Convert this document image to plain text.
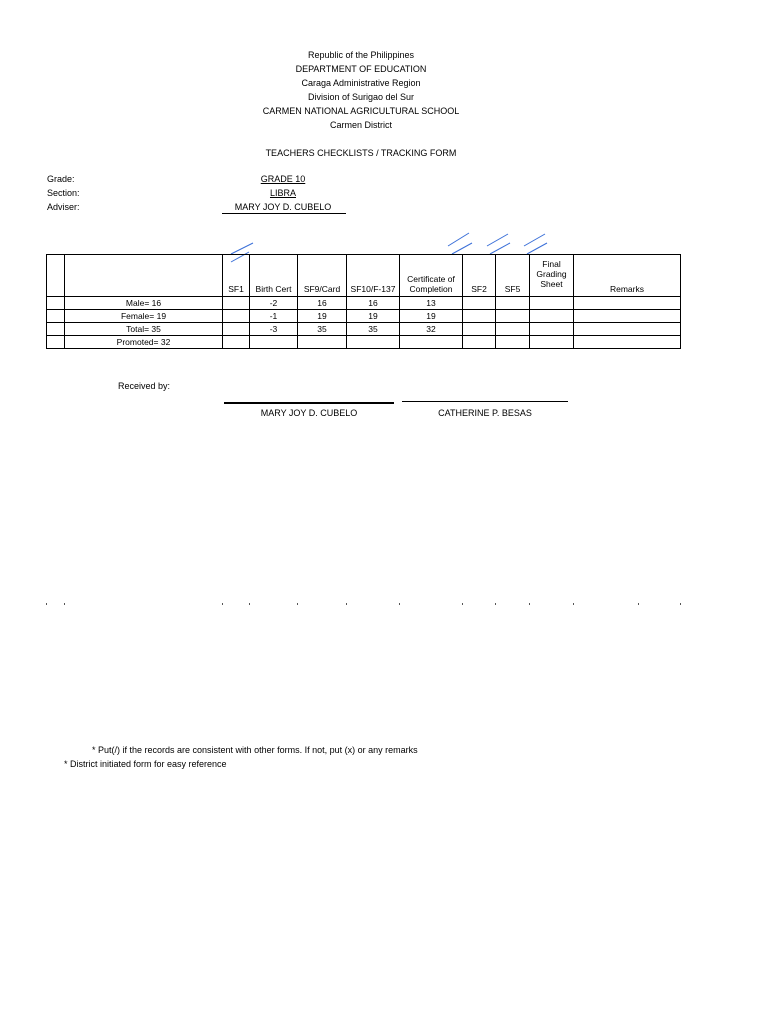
Republic of the Philippines
DEPARTMENT OF EDUCATION
Caraga Administrative Region
Division of Surigao del Sur
CARMEN NATIONAL AGRICULTURAL SCHOOL
Carmen District
TEACHERS CHECKLISTS / TRACKING FORM
Grade:	GRADE 10
Section:	LIBRA
Adviser:	MARY JOY D. CUBELO
		SF1	Birth Cert	SF9/Card	SF10/F-137	Certificate of Completion	SF2	SF5	Final Grading Sheet	Remarks
	Male= 16		-2	16	16	13				
	Female= 19		-1	19	19	19				
	Total= 35		-3	35	35	32				
	Promoted= 32									
Received by:
MARY JOY D. CUBELO	CATHERINE P. BESAS
* Put(/) if the records are consistent with other forms. If not, put (x) or any remarks
* District initiated form for easy reference
